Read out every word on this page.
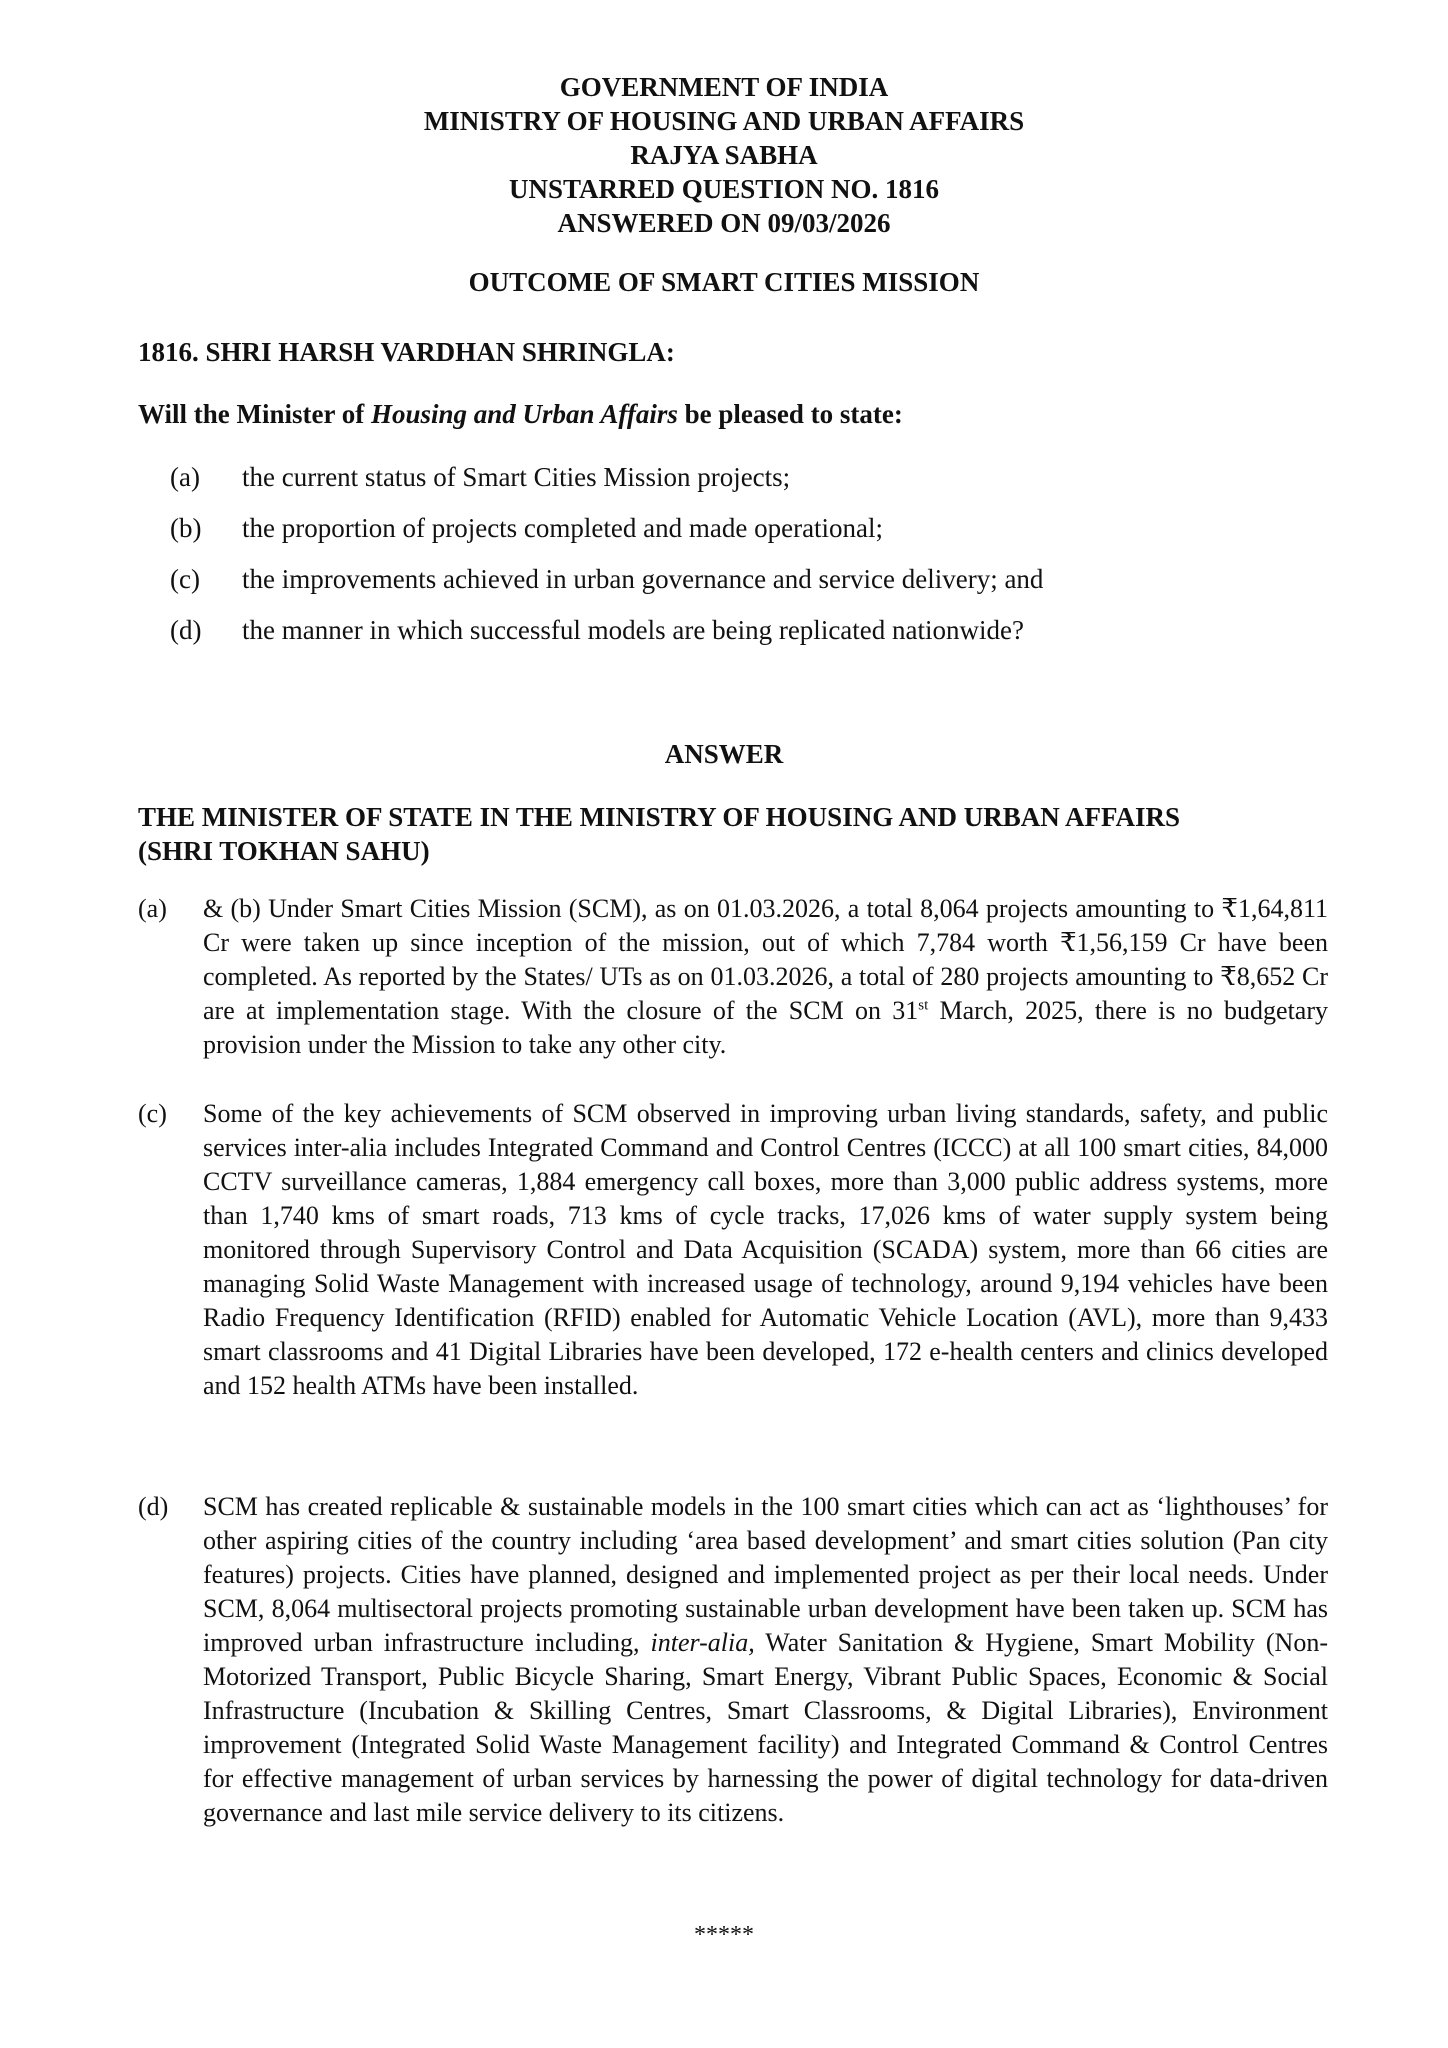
GOVERNMENT OF INDIA
MINISTRY OF HOUSING AND URBAN AFFAIRS
RAJYA SABHA
UNSTARRED QUESTION NO. 1816
ANSWERED ON 09/03/2026
OUTCOME OF SMART CITIES MISSION
1816. SHRI HARSH VARDHAN SHRINGLA:
Will the Minister of Housing and Urban Affairs be pleased to state:
(a)	the current status of Smart Cities Mission projects;
(b)	the proportion of projects completed and made operational;
(c)	the improvements achieved in urban governance and service delivery; and
(d)	the manner in which successful models are being replicated nationwide?
ANSWER
THE MINISTER OF STATE IN THE MINISTRY OF HOUSING AND URBAN AFFAIRS
(SHRI TOKHAN SAHU)
(a)	& (b) Under Smart Cities Mission (SCM), as on 01.03.2026, a total 8,064 projects amounting to ₹1,64,811 Cr were taken up since inception of the mission, out of which 7,784 worth ₹1,56,159 Cr have been completed. As reported by the States/ UTs as on 01.03.2026, a total of 280 projects amounting to ₹8,652 Cr are at implementation stage. With the closure of the SCM on 31st March, 2025, there is no budgetary provision under the Mission to take any other city.
(c)	Some of the key achievements of SCM observed in improving urban living standards, safety, and public services inter-alia includes Integrated Command and Control Centres (ICCC) at all 100 smart cities, 84,000 CCTV surveillance cameras, 1,884 emergency call boxes, more than 3,000 public address systems, more than 1,740 kms of smart roads, 713 kms of cycle tracks, 17,026 kms of water supply system being monitored through Supervisory Control and Data Acquisition (SCADA) system, more than 66 cities are managing Solid Waste Management with increased usage of technology, around 9,194 vehicles have been Radio Frequency Identification (RFID) enabled for Automatic Vehicle Location (AVL), more than 9,433 smart classrooms and 41 Digital Libraries have been developed, 172 e-health centers and clinics developed and 152 health ATMs have been installed.
(d)	SCM has created replicable & sustainable models in the 100 smart cities which can act as ‘lighthouses’ for other aspiring cities of the country including ‘area based development’ and smart cities solution (Pan city features) projects. Cities have planned, designed and implemented project as per their local needs. Under SCM, 8,064 multisectoral projects promoting sustainable urban development have been taken up. SCM has improved urban infrastructure including, inter-alia, Water Sanitation & Hygiene, Smart Mobility (Non-Motorized Transport, Public Bicycle Sharing, Smart Energy, Vibrant Public Spaces, Economic & Social Infrastructure (Incubation & Skilling Centres, Smart Classrooms, & Digital Libraries), Environment improvement (Integrated Solid Waste Management facility) and Integrated Command & Control Centres for effective management of urban services by harnessing the power of digital technology for data-driven governance and last mile service delivery to its citizens.
*****
